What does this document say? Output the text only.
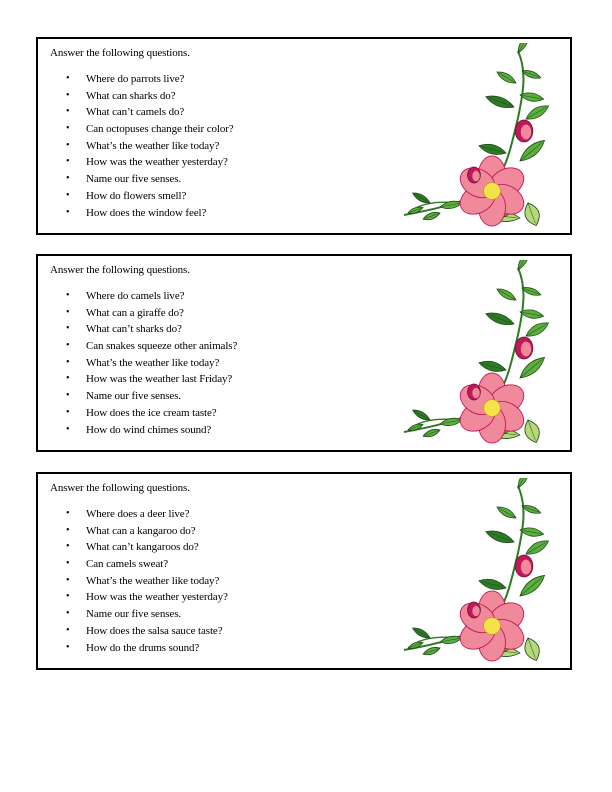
Answer the following questions.
• Where do parrots live?
• What can sharks do?
• What can’t camels do?
• Can octopuses change their color?
• What’s the weather like today?
• How was the weather yesterday?
• Name our five senses.
• How do flowers smell?
• How does the window feel?
Answer the following questions.
• Where do camels live?
• What can a giraffe do?
• What can’t sharks do?
• Can snakes squeeze other animals?
• What’s the weather like today?
• How was the weather last Friday?
• Name our five senses.
• How does the ice cream taste?
• How do wind chimes sound?
Answer the following questions.
• Where does a deer live?
• What can a kangaroo do?
• What can’t kangaroos do?
• Can camels sweat?
• What’s the weather like today?
• How was the weather yesterday?
• Name our five senses.
• How does the salsa sauce taste?
• How do the drums sound?
